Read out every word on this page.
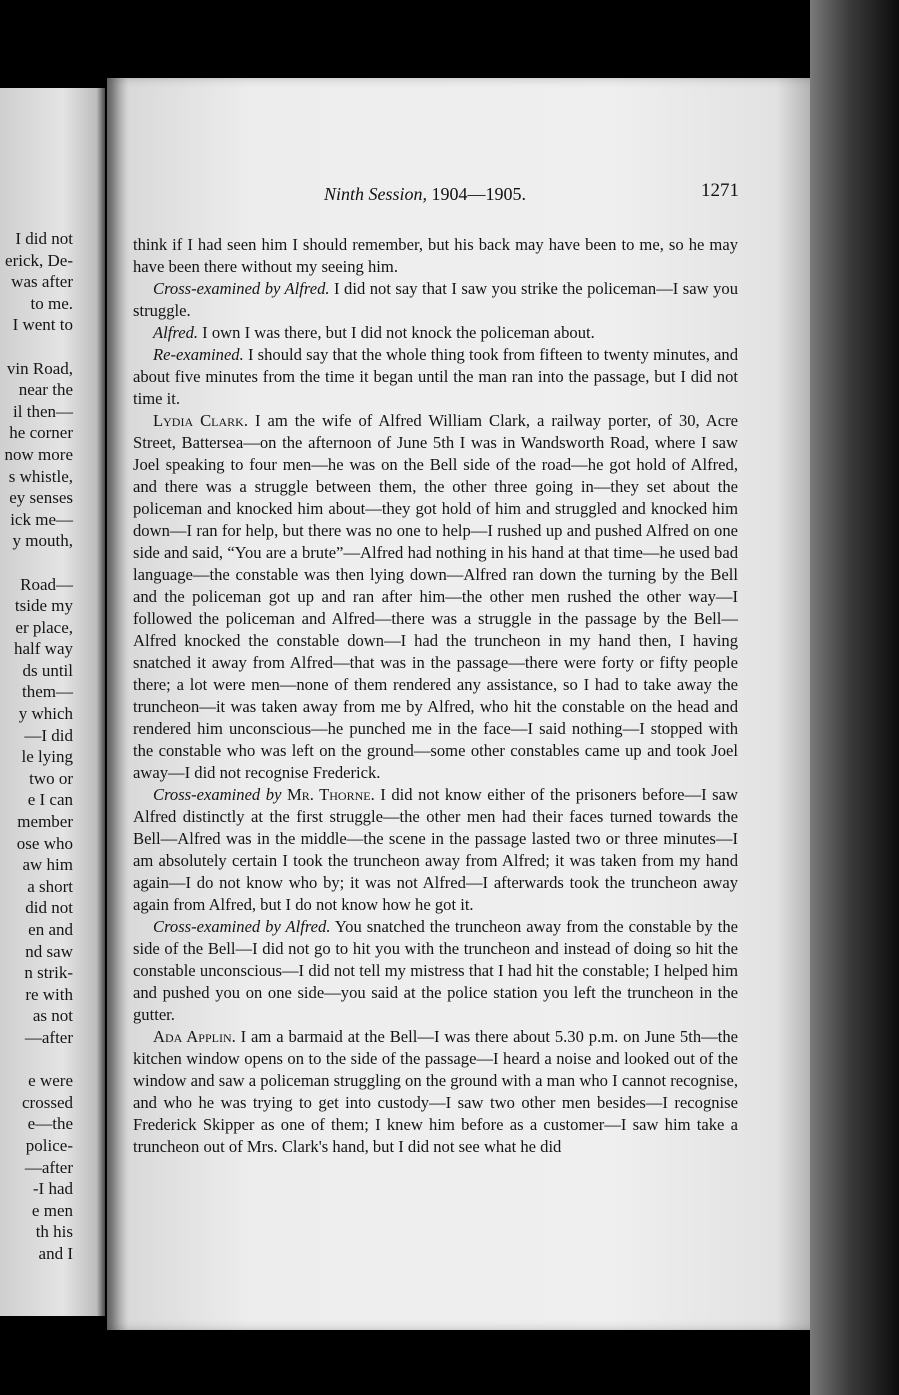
I did not
erick, De-
was after
to me.
I went to
vin Road,
near the
il then—
he corner
now more
s whistle,
ey senses
ick me—
y mouth,
Road—
tside my
er place,
half way
ds until
them—
y which
—I did
le lying
two or
e I can
member
ose who
aw him
a short
did not
en and
nd saw
n strik-
re with
as not
—after
e were
crossed
e—the
police-
—after
-I had
e men
th his
and I
Ninth Session, 1904—1905.	1271

think if I had seen him I should remember, but his back may have been to me, so he may have been there without my seeing him.

Cross-examined by Alfred. I did not say that I saw you strike the policeman—I saw you struggle.

Alfred. I own I was there, but I did not knock the policeman about.

Re-examined. I should say that the whole thing took from fifteen to twenty minutes, and about five minutes from the time it began until the man ran into the passage, but I did not time it.

Lydia Clark. I am the wife of Alfred William Clark, a railway porter, of 30, Acre Street, Battersea—on the afternoon of June 5th I was in Wandsworth Road, where I saw Joel speaking to four men—he was on the Bell side of the road—he got hold of Alfred, and there was a struggle between them, the other three going in—they set about the policeman and knocked him about—they got hold of him and struggled and knocked him down—I ran for help, but there was no one to help—I rushed up and pushed Alfred on one side and said, “You are a brute”—Alfred had nothing in his hand at that time—he used bad language—the constable was then lying down—Alfred ran down the turning by the Bell and the policeman got up and ran after him—the other men rushed the other way—I followed the policeman and Alfred—there was a struggle in the passage by the Bell—Alfred knocked the constable down—I had the truncheon in my hand then, I having snatched it away from Alfred—that was in the passage—there were forty or fifty people there; a lot were men—none of them rendered any assistance, so I had to take away the truncheon—it was taken away from me by Alfred, who hit the constable on the head and rendered him unconscious—he punched me in the face—I said nothing—I stopped with the constable who was left on the ground—some other constables came up and took Joel away—I did not recognise Frederick.

Cross-examined by Mr. Thorne. I did not know either of the prisoners before—I saw Alfred distinctly at the first struggle—the other men had their faces turned towards the Bell—Alfred was in the middle—the scene in the passage lasted two or three minutes—I am absolutely certain I took the truncheon away from Alfred; it was taken from my hand again—I do not know who by; it was not Alfred—I afterwards took the truncheon away again from Alfred, but I do not know how he got it.

Cross-examined by Alfred. You snatched the truncheon away from the constable by the side of the Bell—I did not go to hit you with the truncheon and instead of doing so hit the constable unconscious—I did not tell my mistress that I had hit the constable; I helped him and pushed you on one side—you said at the police station you left the truncheon in the gutter.

Ada Applin. I am a barmaid at the Bell—I was there about 5.30 p.m. on June 5th—the kitchen window opens on to the side of the passage—I heard a noise and looked out of the window and saw a policeman struggling on the ground with a man who I cannot recognise, and who he was trying to get into custody—I saw two other men besides—I recognise Frederick Skipper as one of them; I knew him before as a customer—I saw him take a truncheon out of Mrs. Clark's hand, but I did not see what he did
